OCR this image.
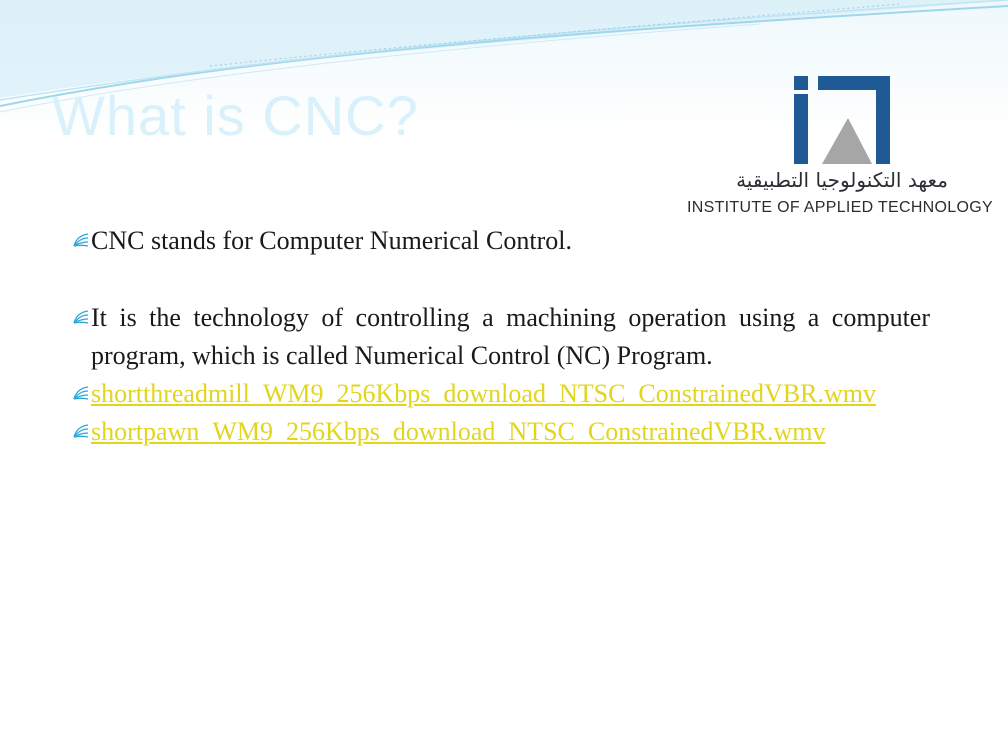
What is CNC?
معهد التكنولوجيا التطبيقية
INSTITUTE OF APPLIED TECHNOLOGY
CNC stands for Computer Numerical Control.
It is the technology of controlling a machining operation using a computer program, which is called Numerical Control (NC) Program.
shortthreadmill_WM9_256Kbps_download_NTSC_ConstrainedVBR.wmv
shortpawn_WM9_256Kbps_download_NTSC_ConstrainedVBR.wmv
